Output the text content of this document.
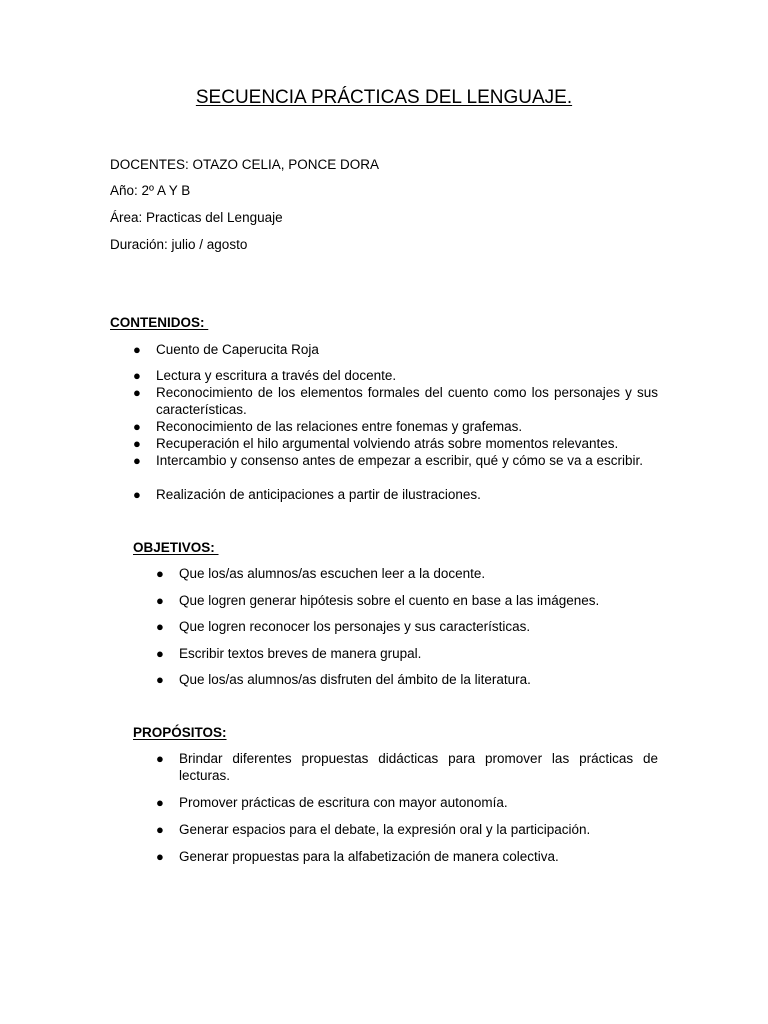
SECUENCIA PRÁCTICAS DEL LENGUAJE.

DOCENTES: OTAZO CELIA, PONCE DORA

Año: 2º A Y B

Área: Practicas del Lenguaje

Duración: julio / agosto

CONTENIDOS:

●	Cuento de Caperucita Roja

●	Lectura y escritura a través del docente.

●	Reconocimiento de los elementos formales del cuento como los personajes y sus características.

●	Reconocimiento de las relaciones entre fonemas y grafemas.

●	Recuperación el hilo argumental volviendo atrás sobre momentos relevantes.

●	Intercambio y consenso antes de empezar a escribir, qué y cómo se va a escribir.

●	Realización de anticipaciones a partir de ilustraciones.

OBJETIVOS:

●	Que los/as alumnos/as escuchen leer a la docente.

●	Que logren generar hipótesis sobre el cuento en base a las imágenes.

●	Que logren reconocer los personajes y sus características.

●	Escribir textos breves de manera grupal.

●	Que los/as alumnos/as disfruten del ámbito de la literatura.

PROPÓSITOS:

●	Brindar diferentes propuestas didácticas para promover las prácticas de lecturas.

●	Promover prácticas de escritura con mayor autonomía.

●	Generar espacios para el debate, la expresión oral y la participación.

●	Generar propuestas para la alfabetización de manera colectiva.
